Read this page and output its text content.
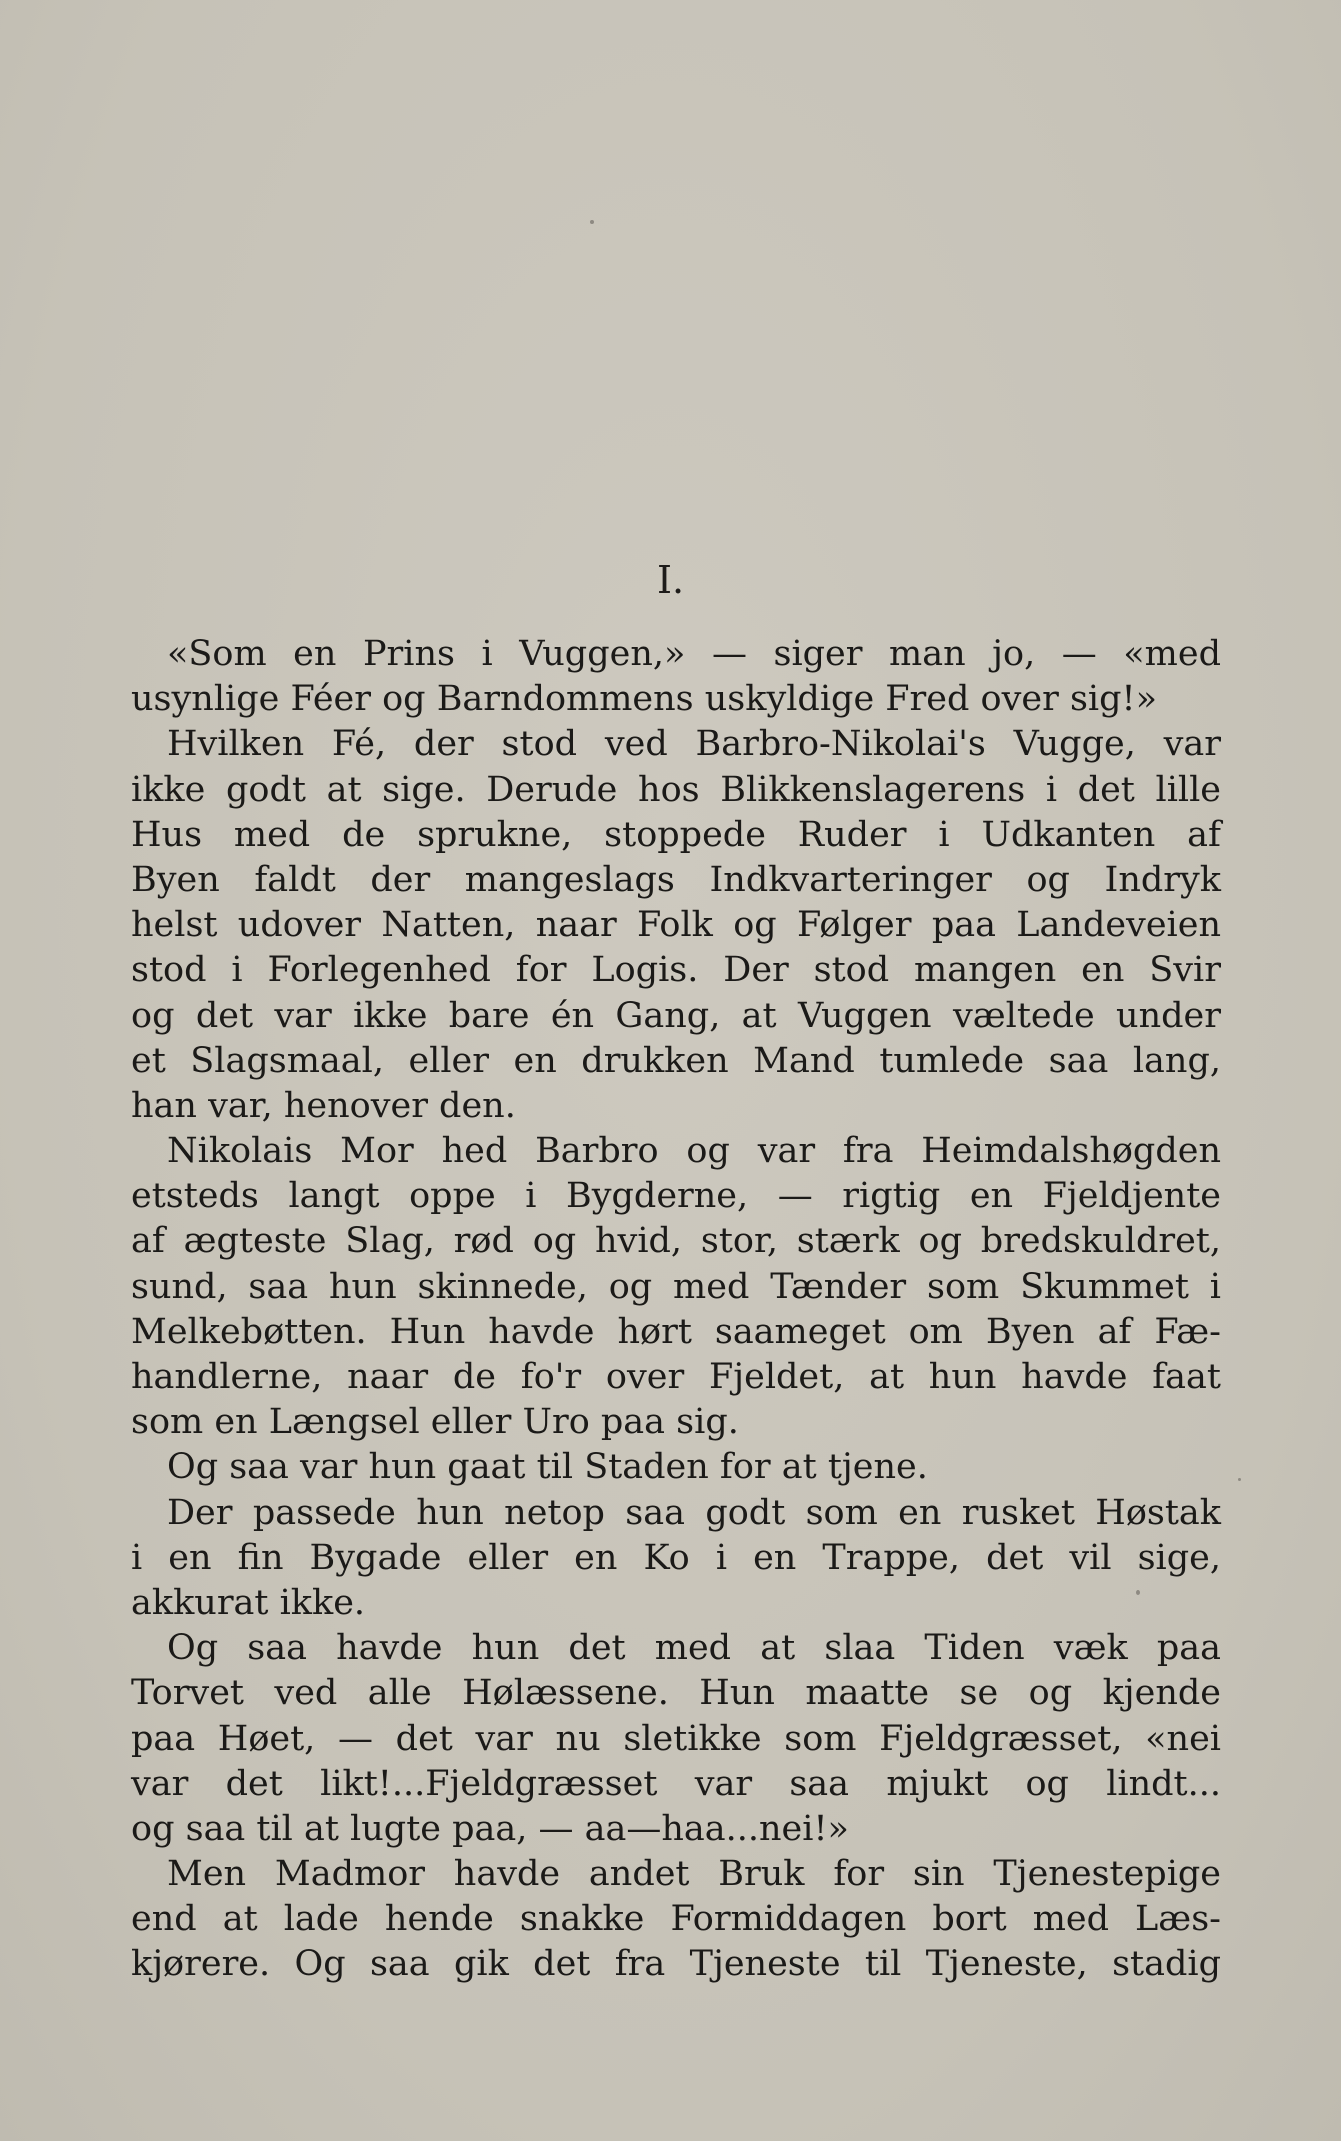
I.
«Som en Prins i Vuggen,» — siger man jo, — «med
usynlige Féer og Barndommens uskyldige Fred over sig!»
Hvilken Fé, der stod ved Barbro-Nikolai's Vugge, var
ikke godt at sige. Derude hos Blikkenslagerens i det lille
Hus med de sprukne, stoppede Ruder i Udkanten af
Byen faldt der mangeslags Indkvarteringer og Indryk
helst udover Natten, naar Folk og Følger paa Landeveien
stod i Forlegenhed for Logis. Der stod mangen en Svir
og det var ikke bare én Gang, at Vuggen væltede under
et Slagsmaal, eller en drukken Mand tumlede saa lang,
han var, henover den.
Nikolais Mor hed Barbro og var fra Heimdalshøgden
etsteds langt oppe i Bygderne, — rigtig en Fjeldjente
af ægteste Slag, rød og hvid, stor, stærk og bredskuldret,
sund, saa hun skinnede, og med Tænder som Skummet i
Melkebøtten. Hun havde hørt saameget om Byen af Fæ-
handlerne, naar de fo'r over Fjeldet, at hun havde faat
som en Længsel eller Uro paa sig.
Og saa var hun gaat til Staden for at tjene.
Der passede hun netop saa godt som en rusket Høstak
i en fin Bygade eller en Ko i en Trappe, det vil sige,
akkurat ikke.
Og saa havde hun det med at slaa Tiden væk paa
Torvet ved alle Hølæssene. Hun maatte se og kjende
paa Høet, — det var nu sletikke som Fjeldgræsset, «nei
var det likt!...Fjeldgræsset var saa mjukt og lindt...
og saa til at lugte paa, — aa—haa...nei!»
Men Madmor havde andet Bruk for sin Tjenestepige
end at lade hende snakke Formiddagen bort med Læs-
kjørere. Og saa gik det fra Tjeneste til Tjeneste, stadig
